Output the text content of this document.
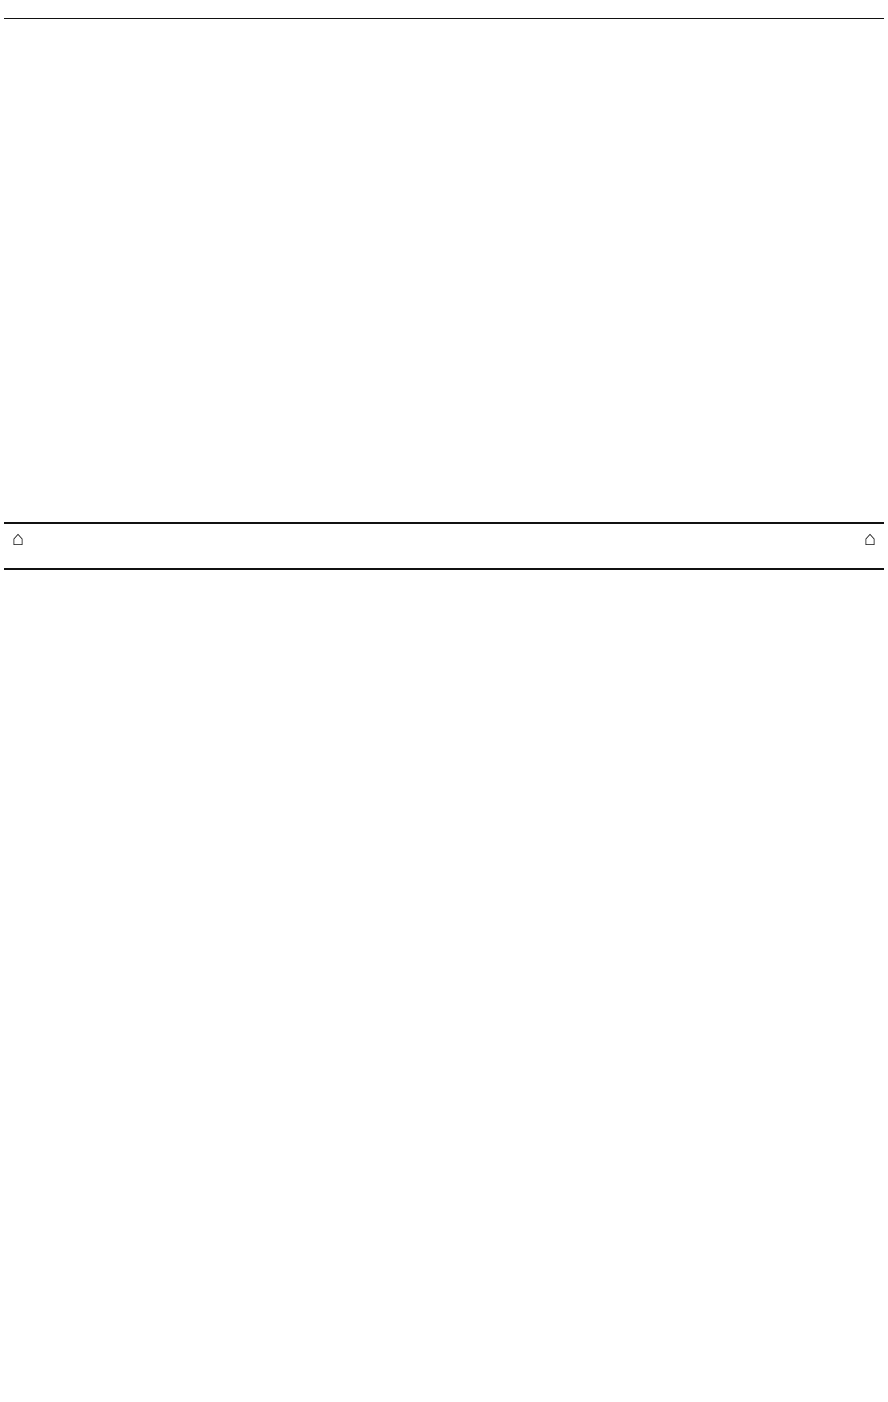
⌂	⌂
